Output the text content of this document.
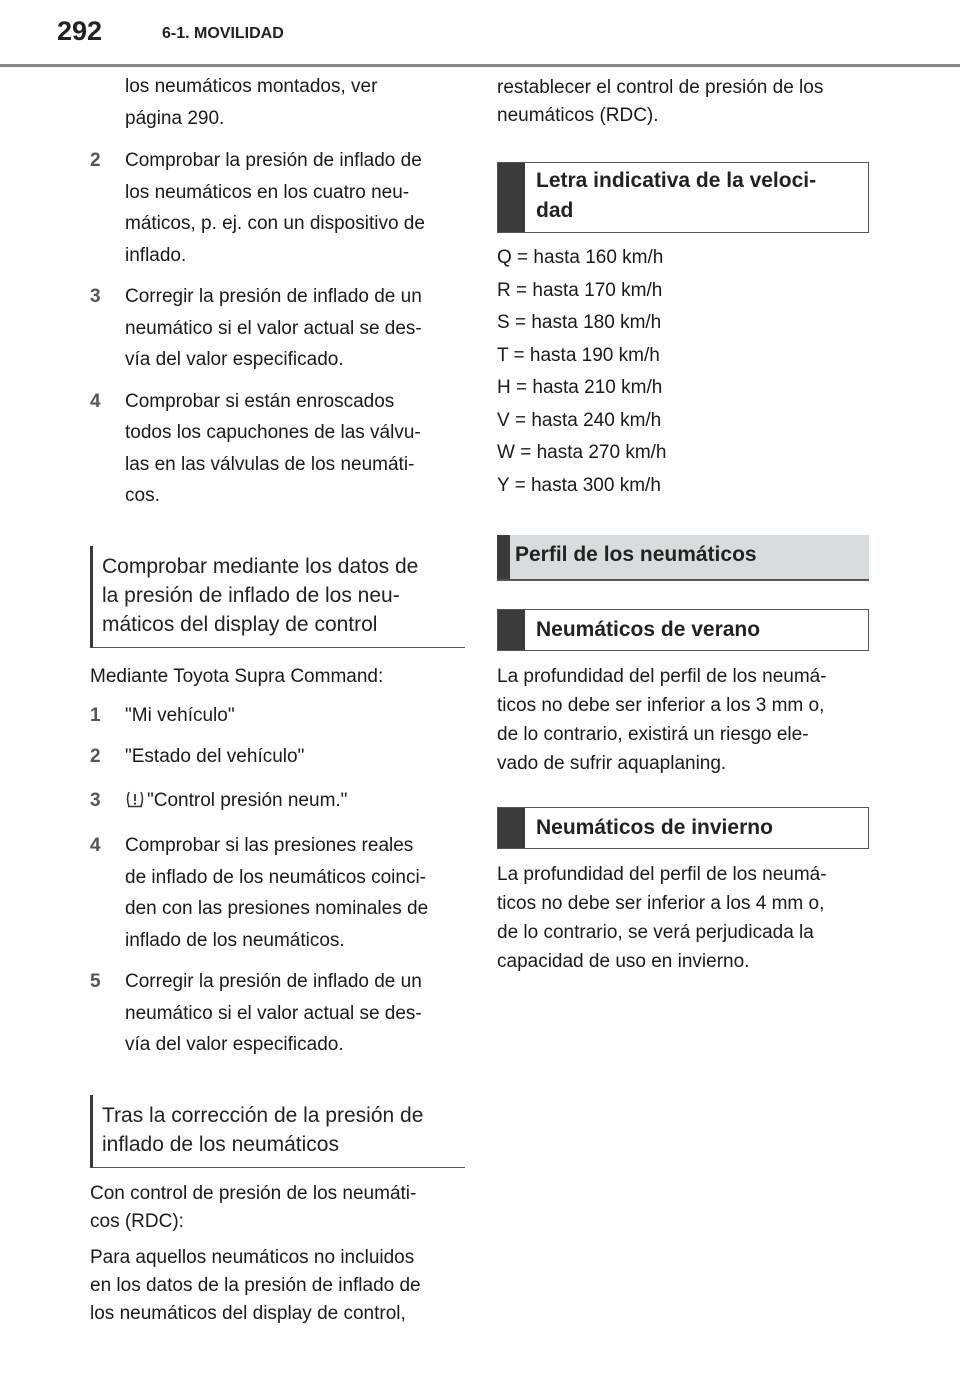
292	6-1. MOVILIDAD
los neumáticos montados, ver
página 290.
2 Comprobar la presión de inflado de
los neumáticos en los cuatro neu-
máticos, p. ej. con un dispositivo de
inflado.
3 Corregir la presión de inflado de un
neumático si el valor actual se des-
vía del valor especificado.
4 Comprobar si están enroscados
todos los capuchones de las válvu-
las en las válvulas de los neumáti-
cos.
Comprobar mediante los datos de
la presión de inflado de los neu-
máticos del display de control
Mediante Toyota Supra Command:
1 "Mi vehículo"
2 "Estado del vehículo"
3	"Control presión neum."
4 Comprobar si las presiones reales
de inflado de los neumáticos coinci-
den con las presiones nominales de
inflado de los neumáticos.
5 Corregir la presión de inflado de un
neumático si el valor actual se des-
vía del valor especificado.
Tras la corrección de la presión de
inflado de los neumáticos
Con control de presión de los neumáti-
cos (RDC):
Para aquellos neumáticos no incluidos
en los datos de la presión de inflado de
los neumáticos del display de control,
restablecer el control de presión de los
neumáticos (RDC).
Letra indicativa de la veloci-
dad
Q = hasta 160 km/h
R = hasta 170 km/h
S = hasta 180 km/h
T = hasta 190 km/h
H = hasta 210 km/h
V = hasta 240 km/h
W = hasta 270 km/h
Y = hasta 300 km/h
Perfil de los neumáticos
Neumáticos de verano
La profundidad del perfil de los neumá-
ticos no debe ser inferior a los 3 mm o,
de lo contrario, existirá un riesgo ele-
vado de sufrir aquaplaning.
Neumáticos de invierno
La profundidad del perfil de los neumá-
ticos no debe ser inferior a los 4 mm o,
de lo contrario, se verá perjudicada la
capacidad de uso en invierno.
